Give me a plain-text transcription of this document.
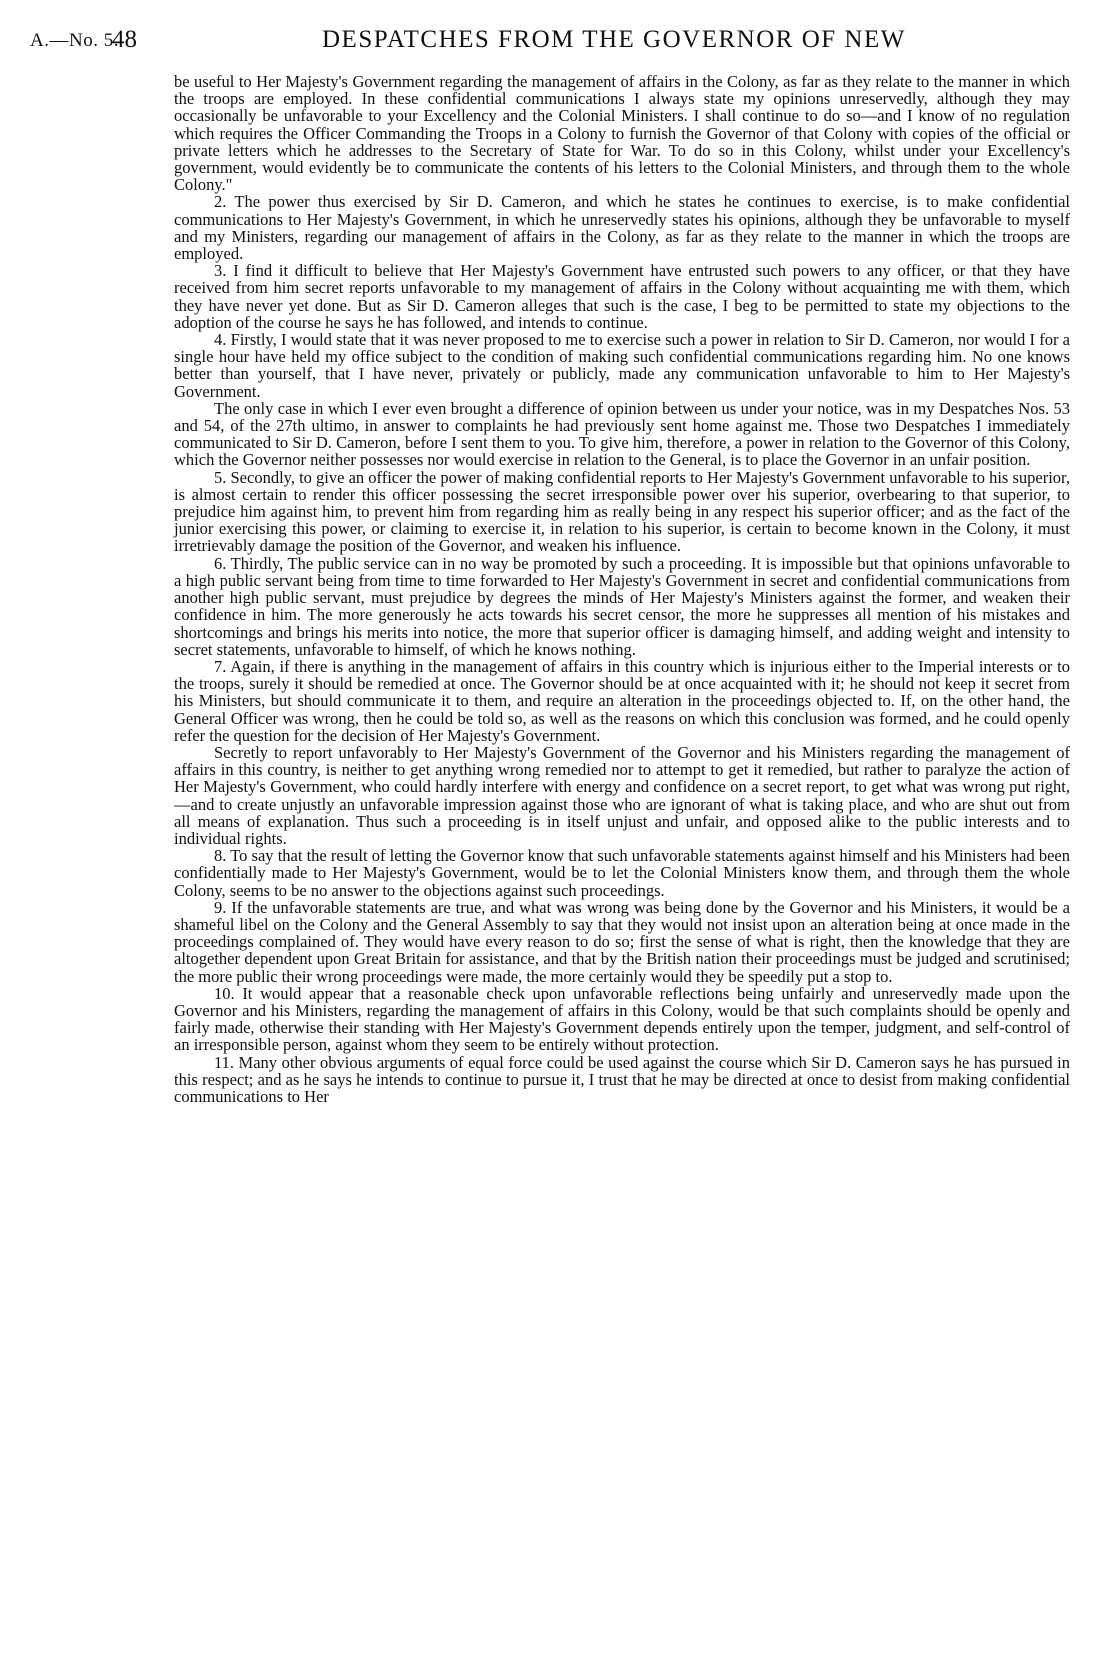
A.—No. 5.
48	DESPATCHES FROM THE GOVERNOR OF NEW

be useful to Her Majesty's Government regarding the management of affairs in the Colony, as far as they relate to the manner in which the troops are employed. In these confidential communications I always state my opinions unreservedly, although they may occasionally be unfavorable to your Excellency and the Colonial Ministers. I shall continue to do so—and I know of no regulation which requires the Officer Commanding the Troops in a Colony to furnish the Governor of that Colony with copies of the official or private letters which he addresses to the Secretary of State for War. To do so in this Colony, whilst under your Excellency's government, would evidently be to communicate the contents of his letters to the Colonial Ministers, and through them to the whole Colony."

2. The power thus exercised by Sir D. Cameron, and which he states he continues to exercise, is to make confidential communications to Her Majesty's Government, in which he unreservedly states his opinions, although they be unfavorable to myself and my Ministers, regarding our management of affairs in the Colony, as far as they relate to the manner in which the troops are employed.

3. I find it difficult to believe that Her Majesty's Government have entrusted such powers to any officer, or that they have received from him secret reports unfavorable to my management of affairs in the Colony without acquainting me with them, which they have never yet done. But as Sir D. Cameron alleges that such is the case, I beg to be permitted to state my objections to the adoption of the course he says he has followed, and intends to continue.

4. Firstly, I would state that it was never proposed to me to exercise such a power in relation to Sir D. Cameron, nor would I for a single hour have held my office subject to the condition of making such confidential communications regarding him. No one knows better than yourself, that I have never, privately or publicly, made any communication unfavorable to him to Her Majesty's Government.

The only case in which I ever even brought a difference of opinion between us under your notice, was in my Despatches Nos. 53 and 54, of the 27th ultimo, in answer to complaints he had previously sent home against me. Those two Despatches I immediately communicated to Sir D. Cameron, before I sent them to you. To give him, therefore, a power in relation to the Governor of this Colony, which the Governor neither possesses nor would exercise in relation to the General, is to place the Governor in an unfair position.

5. Secondly, to give an officer the power of making confidential reports to Her Majesty's Government unfavorable to his superior, is almost certain to render this officer possessing the secret irresponsible power over his superior, overbearing to that superior, to prejudice him against him, to prevent him from regarding him as really being in any respect his superior officer; and as the fact of the junior exercising this power, or claiming to exercise it, in relation to his superior, is certain to become known in the Colony, it must irretrievably damage the position of the Governor, and weaken his influence.

6. Thirdly, The public service can in no way be promoted by such a proceeding. It is impossible but that opinions unfavorable to a high public servant being from time to time forwarded to Her Majesty's Government in secret and confidential communications from another high public servant, must prejudice by degrees the minds of Her Majesty's Ministers against the former, and weaken their confidence in him. The more generously he acts towards his secret censor, the more he suppresses all mention of his mistakes and shortcomings and brings his merits into notice, the more that superior officer is damaging himself, and adding weight and intensity to secret statements, unfavorable to himself, of which he knows nothing.

7. Again, if there is anything in the management of affairs in this country which is injurious either to the Imperial interests or to the troops, surely it should be remedied at once. The Governor should be at once acquainted with it; he should not keep it secret from his Ministers, but should communicate it to them, and require an alteration in the proceedings objected to. If, on the other hand, the General Officer was wrong, then he could be told so, as well as the reasons on which this conclusion was formed, and he could openly refer the question for the decision of Her Majesty's Government.

Secretly to report unfavorably to Her Majesty's Government of the Governor and his Ministers regarding the management of affairs in this country, is neither to get anything wrong remedied nor to attempt to get it remedied, but rather to paralyze the action of Her Majesty's Government, who could hardly interfere with energy and confidence on a secret report, to get what was wrong put right,—and to create unjustly an unfavorable impression against those who are ignorant of what is taking place, and who are shut out from all means of explanation. Thus such a proceeding is in itself unjust and unfair, and opposed alike to the public interests and to individual rights.

8. To say that the result of letting the Governor know that such unfavorable statements against himself and his Ministers had been confidentially made to Her Majesty's Government, would be to let the Colonial Ministers know them, and through them the whole Colony, seems to be no answer to the objections against such proceedings.

9. If the unfavorable statements are true, and what was wrong was being done by the Governor and his Ministers, it would be a shameful libel on the Colony and the General Assembly to say that they would not insist upon an alteration being at once made in the proceedings complained of. They would have every reason to do so; first the sense of what is right, then the knowledge that they are altogether dependent upon Great Britain for assistance, and that by the British nation their proceedings must be judged and scrutinised; the more public their wrong proceedings were made, the more certainly would they be speedily put a stop to.

10. It would appear that a reasonable check upon unfavorable reflections being unfairly and unreservedly made upon the Governor and his Ministers, regarding the management of affairs in this Colony, would be that such complaints should be openly and fairly made, otherwise their standing with Her Majesty's Government depends entirely upon the temper, judgment, and self-control of an irresponsible person, against whom they seem to be entirely without protection.

11. Many other obvious arguments of equal force could be used against the course which Sir D. Cameron says he has pursued in this respect; and as he says he intends to continue to pursue it, I trust that he may be directed at once to desist from making confidential communications to Her
